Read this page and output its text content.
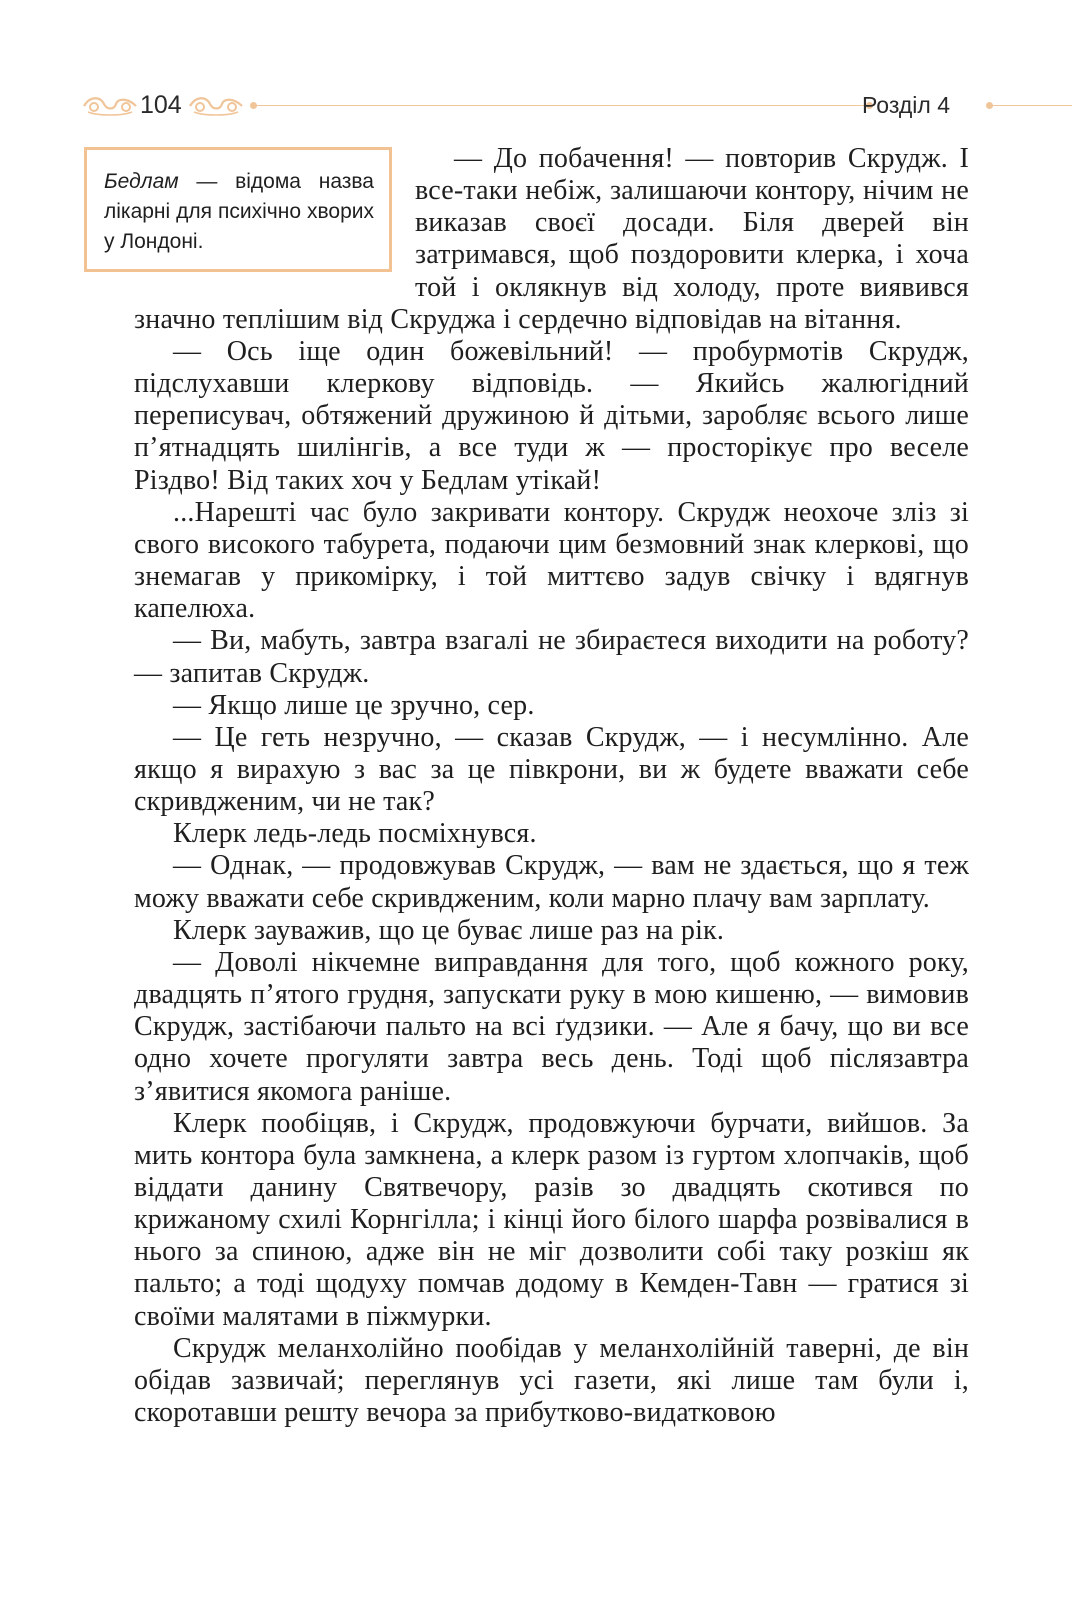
104	Розділ 4
Бедлам — відома назва лікарні для психічно хворих у Лондоні.

— До побачення! — повторив Скрудж. І все-таки небіж, залишаючи контору, нічим не виказав своєї досади. Біля дверей він затримався, щоб поздоровити клерка, і хоча той і оклякнув від холоду, проте виявився значно теплішим від Скруджа і сердечно відповідав на вітання.

— Ось іще один божевільний! — пробурмотів Скрудж, підслухавши клеркову відповідь. — Якийсь жалюгідний переписувач, обтяжений дружиною й дітьми, заробляє всього лише п’ятнадцять шилінгів, а все туди ж — просторікує про веселе Різдво! Від таких хоч у Бедлам утікай!

...Нарешті час було закривати контору. Скрудж неохоче зліз зі свого високого табурета, подаючи цим безмовний знак клеркові, що знемагав у прикомірку, і той миттєво задув свічку і вдягнув капелюха.

— Ви, мабуть, завтра взагалі не збираєтеся виходити на роботу? — запитав Скрудж.

— Якщо лише це зручно, сер.

— Це геть незручно, — сказав Скрудж, — і несумлінно. Але якщо я вирахую з вас за це півкрони, ви ж будете вважати себе скривдженим, чи не так?

Клерк ледь-ледь посміхнувся.

— Однак, — продовжував Скрудж, — вам не здається, що я теж можу вважати себе скривдженим, коли марно плачу вам зарплату.

Клерк зауважив, що це буває лише раз на рік.

— Доволі нікчемне виправдання для того, щоб кожного року, двадцять п’ятого грудня, запускати руку в мою кишеню, — вимовив Скрудж, застібаючи пальто на всі ґудзики. — Але я бачу, що ви все одно хочете прогуляти завтра весь день. Тоді щоб післязавтра з’явитися якомога раніше.

Клерк пообіцяв, і Скрудж, продовжуючи бурчати, вийшов. За мить контора була замкнена, а клерк разом із гуртом хлопчаків, щоб віддати данину Святвечору, разів зо двадцять скотився по крижаному схилі Корнгілла; і кінці його білого шарфа розвівалися в нього за спиною, адже він не міг дозволити собі таку розкіш як пальто; а тоді щодуху помчав додому в Кемден-Тавн — гратися зі своїми малятами в піжмурки.

Скрудж меланхолійно пообідав у меланхолійній таверні, де він обідав зазвичай; переглянув усі газети, які лише там були і, скоротавши решту вечора за прибутково-видатковою
